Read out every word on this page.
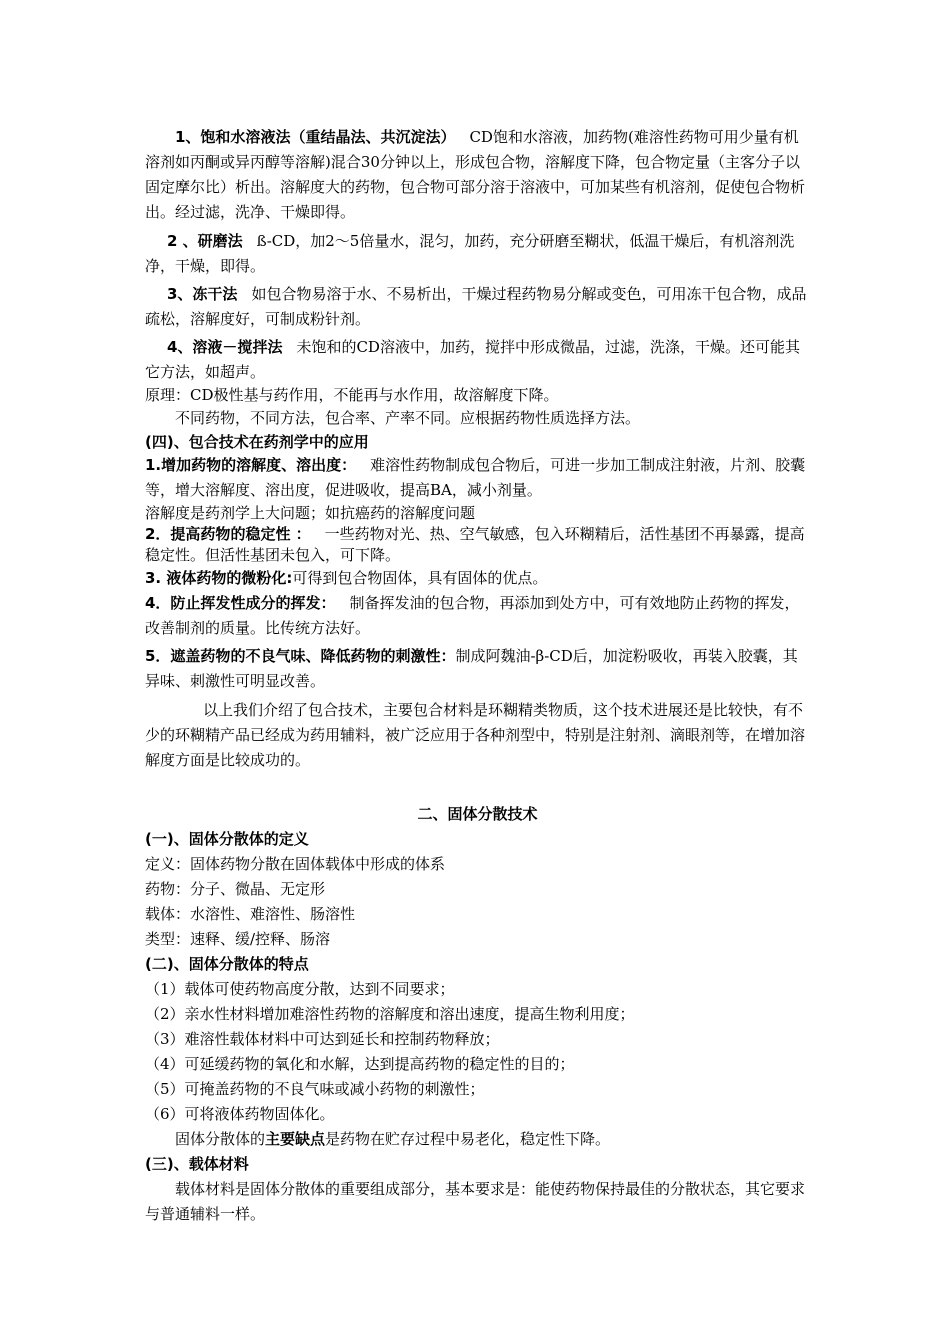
1、饱和水溶液法（重结晶法、共沉淀法） CD饱和水溶液，加药物(难溶性药物可用少量有机溶剂如丙酮或异丙醇等溶解)混合30分钟以上，形成包合物，溶解度下降，包合物定量（主客分子以固定摩尔比）析出。溶解度大的药物，包合物可部分溶于溶液中，可加某些有机溶剂，促使包合物析出。经过滤，洗净、干燥即得。

2 、研磨法 ß-CD，加2～5倍量水，混匀，加药，充分研磨至糊状，低温干燥后，有机溶剂洗净，干燥，即得。

3、冻干法 如包合物易溶于水、不易析出，干燥过程药物易分解或变色，可用冻干包合物，成品疏松，溶解度好，可制成粉针剂。

4、溶液－搅拌法 未饱和的CD溶液中，加药，搅拌中形成微晶，过滤，洗涤，干燥。还可能其它方法，如超声。

原理：CD极性基与药作用，不能再与水作用，故溶解度下降。

不同药物，不同方法，包合率、产率不同。应根据药物性质选择方法。

(四)、包合技术在药剂学中的应用

1.增加药物的溶解度、溶出度： 难溶性药物制成包合物后，可进一步加工制成注射液，片剂、胶囊等，增大溶解度、溶出度，促进吸收，提高BA，减小剂量。

溶解度是药剂学上大问题；如抗癌药的溶解度问题

2．提高药物的稳定性 ： 一些药物对光、热、空气敏感，包入环糊精后，活性基团不再暴露，提高稳定性。但活性基团未包入，可下降。

3. 液体药物的微粉化:可得到包合物固体，具有固体的优点。

4．防止挥发性成分的挥发： 制备挥发油的包合物，再添加到处方中，可有效地防止药物的挥发，改善制剂的质量。比传统方法好。

5．遮盖药物的不良气味、降低药物的刺激性：制成阿魏油-β-CD后，加淀粉吸收，再装入胶囊，其异味、刺激性可明显改善。

以上我们介绍了包合技术，主要包合材料是环糊精类物质，这个技术进展还是比较快，有不少的环糊精产品已经成为药用辅料，被广泛应用于各种剂型中，特别是注射剂、滴眼剂等，在增加溶解度方面是比较成功的。

二、固体分散技术

(一)、固体分散体的定义

定义：固体药物分散在固体载体中形成的体系

药物：分子、微晶、无定形

载体：水溶性、难溶性、肠溶性

类型：速释、缓/控释、肠溶

(二)、固体分散体的特点

（1）载体可使药物高度分散，达到不同要求；

（2）亲水性材料增加难溶性药物的溶解度和溶出速度，提高生物利用度；

（3）难溶性载体材料中可达到延长和控制药物释放；

（4）可延缓药物的氧化和水解，达到提高药物的稳定性的目的；

（5）可掩盖药物的不良气味或减小药物的刺激性；

（6）可将液体药物固体化。

固体分散体的主要缺点是药物在贮存过程中易老化，稳定性下降。

(三)、载体材料

载体材料是固体分散体的重要组成部分，基本要求是：能使药物保持最佳的分散状态，其它要求与普通辅料一样。
